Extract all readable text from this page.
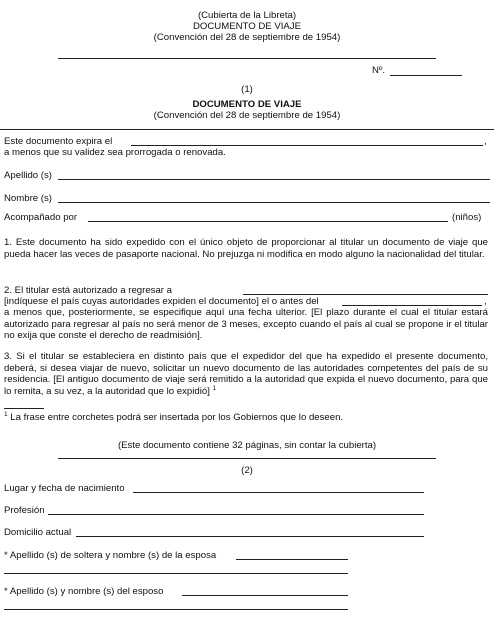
(Cubierta de la Libreta)
DOCUMENTO DE VIAJE
(Convención del 28 de septiembre de 1954)
Nº.
(1)
DOCUMENTO DE VIAJE
(Convención del 28 de septiembre de 1954)
Este documento expira el	,
a menos que su validez sea prorrogada o renovada.
Apellido (s)
Nombre (s)
Acompañado por	(niños)
1. Este documento ha sido expedido con el único objeto de proporcionar al titular un documento de viaje que pueda hacer las veces de pasaporte nacional. No prejuzga ni modifica en modo alguno la nacionalidad del titular.
2. El titular está autorizado a regresar a
[indíquese el país cuyas autoridades expiden el documento] el o antes del	,
a menos que, posteriormente, se especifique aquí una fecha ulterior. [El plazo durante el cual el titular estará autorizado para regresar al país no será menor de 3 meses, excepto cuando el país al cual se propone ir el titular no exija que conste el derecho de readmisión].
3. Si el titular se estableciera en distinto país que el expedidor del que ha expedido el presente documento, deberá, si desea viajar de nuevo, solicitar un nuevo documento de las autoridades competentes del país de su residencia. [El antiguo documento de viaje será remitido a la autoridad que expida el nuevo documento, para que lo remita, a su vez, a la autoridad que lo expidió] $^1$
$^1$ La frase entre corchetes podrá ser insertada por los Gobiernos que lo deseen.
(Este documento contiene 32 páginas, sin contar la cubierta)
(2)
Lugar y fecha de nacimiento
Profesión
Domicilio actual
* Apellido (s) de soltera y nombre (s) de la esposa
* Apellido (s) y nombre (s) del esposo
